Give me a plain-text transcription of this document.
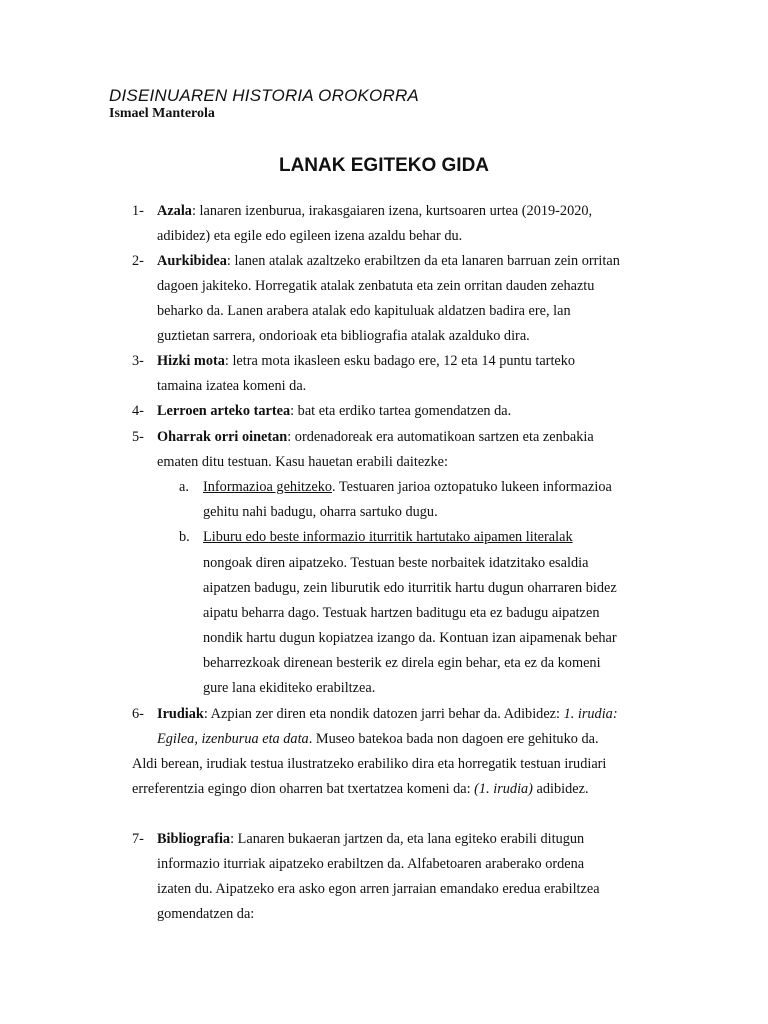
DISEINUAREN HISTORIA OROKORRA
Ismael Manterola
LANAK EGITEKO GIDA
1- Azala: lanaren izenburua, irakasgaiaren izena, kurtsoaren urtea (2019-2020,
adibidez) eta egile edo egileen izena azaldu behar du.
2- Aurkibidea: lanen atalak azaltzeko erabiltzen da eta lanaren barruan zein orritan
dagoen jakiteko. Horregatik atalak zenbatuta eta zein orritan dauden zehaztu
beharko da. Lanen arabera atalak edo kapituluak aldatzen badira ere, lan
guztietan sarrera, ondorioak eta bibliografia atalak azalduko dira.
3- Hizki mota: letra mota ikasleen esku badago ere, 12 eta 14 puntu tarteko
tamaina izatea komeni da.
4- Lerroen arteko tartea: bat eta erdiko tartea gomendatzen da.
5- Oharrak orri oinetan: ordenadoreak era automatikoan sartzen eta zenbakia
ematen ditu testuan. Kasu hauetan erabili daitezke:
a. Informazioa gehitzeko. Testuaren jarioa oztopatuko lukeen informazioa
gehitu nahi badugu, oharra sartuko dugu.
b. Liburu edo beste informazio iturritik hartutako aipamen literalak
nongoak diren aipatzeko. Testuan beste norbaitek idatzitako esaldia
aipatzen badugu, zein liburutik edo iturritik hartu dugun oharraren bidez
aipatu beharra dago. Testuak hartzen baditugu eta ez badugu aipatzen
nondik hartu dugun kopiatzea izango da. Kontuan izan aipamenak behar
beharrezkoak direnean besterik ez direla egin behar, eta ez da komeni
gure lana ekiditeko erabiltzea.
6- Irudiak: Azpian zer diren eta nondik datozen jarri behar da. Adibidez: 1. irudia:
Egilea, izenburua eta data. Museo batekoa bada non dagoen ere gehituko da.
Aldi berean, irudiak testua ilustratzeko erabiliko dira eta horregatik testuan irudiari
erreferentzia egingo dion oharren bat txertatzea komeni da: (1. irudia) adibidez.
7- Bibliografia: Lanaren bukaeran jartzen da, eta lana egiteko erabili ditugun
informazio iturriak aipatzeko erabiltzen da. Alfabetoaren araberako ordena
izaten du. Aipatzeko era asko egon arren jarraian emandako eredua erabiltzea
gomendatzen da:
